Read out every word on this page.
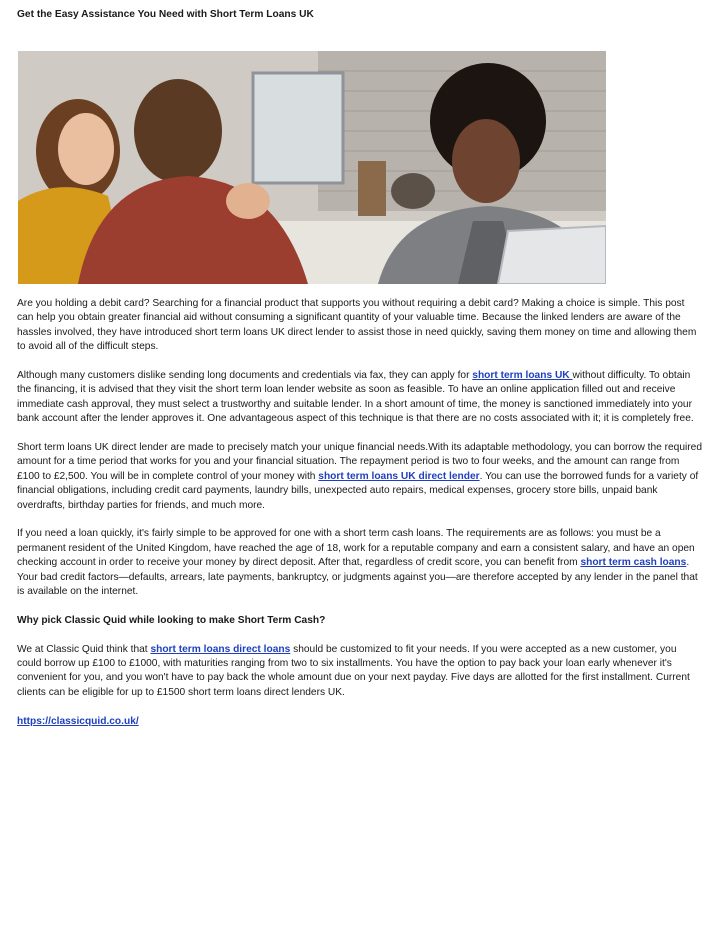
Get the Easy Assistance You Need with Short Term Loans UK

Are you holding a debit card? Searching for a financial product that supports you without requiring a debit card? Making a choice is simple. This post can help you obtain greater financial aid without consuming a significant quantity of your valuable time. Because the linked lenders are aware of the hassles involved, they have introduced short term loans UK direct lender to assist those in need quickly, saving them money on time and allowing them to avoid all of the difficult steps.

Although many customers dislike sending long documents and credentials via fax, they can apply for short term loans UK without difficulty. To obtain the financing, it is advised that they visit the short term loan lender website as soon as feasible. To have an online application filled out and receive immediate cash approval, they must select a trustworthy and suitable lender. In a short amount of time, the money is sanctioned immediately into your bank account after the lender approves it. One advantageous aspect of this technique is that there are no costs associated with it; it is completely free.

Short term loans UK direct lender are made to precisely match your unique financial needs.With its adaptable methodology, you can borrow the required amount for a time period that works for you and your financial situation. The repayment period is two to four weeks, and the amount can range from £100 to £2,500. You will be in complete control of your money with short term loans UK direct lender. You can use the borrowed funds for a variety of financial obligations, including credit card payments, laundry bills, unexpected auto repairs, medical expenses, grocery store bills, unpaid bank overdrafts, birthday parties for friends, and much more.

If you need a loan quickly, it's fairly simple to be approved for one with a short term cash loans. The requirements are as follows: you must be a permanent resident of the United Kingdom, have reached the age of 18, work for a reputable company and earn a consistent salary, and have an open checking account in order to receive your money by direct deposit. After that, regardless of credit score, you can benefit from short term cash loans. Your bad credit factors—defaults, arrears, late payments, bankruptcy, or judgments against you—are therefore accepted by any lender in the panel that is available on the internet.

Why pick Classic Quid while looking to make Short Term Cash?

We at Classic Quid think that short term loans direct loans should be customized to fit your needs. If you were accepted as a new customer, you could borrow up £100 to £1000, with maturities ranging from two to six installments. You have the option to pay back your loan early whenever it's convenient for you, and you won't have to pay back the whole amount due on your next payday. Five days are allotted for the first installment. Current clients can be eligible for up to £1500 short term loans direct lenders UK.

https://classicquid.co.uk/
